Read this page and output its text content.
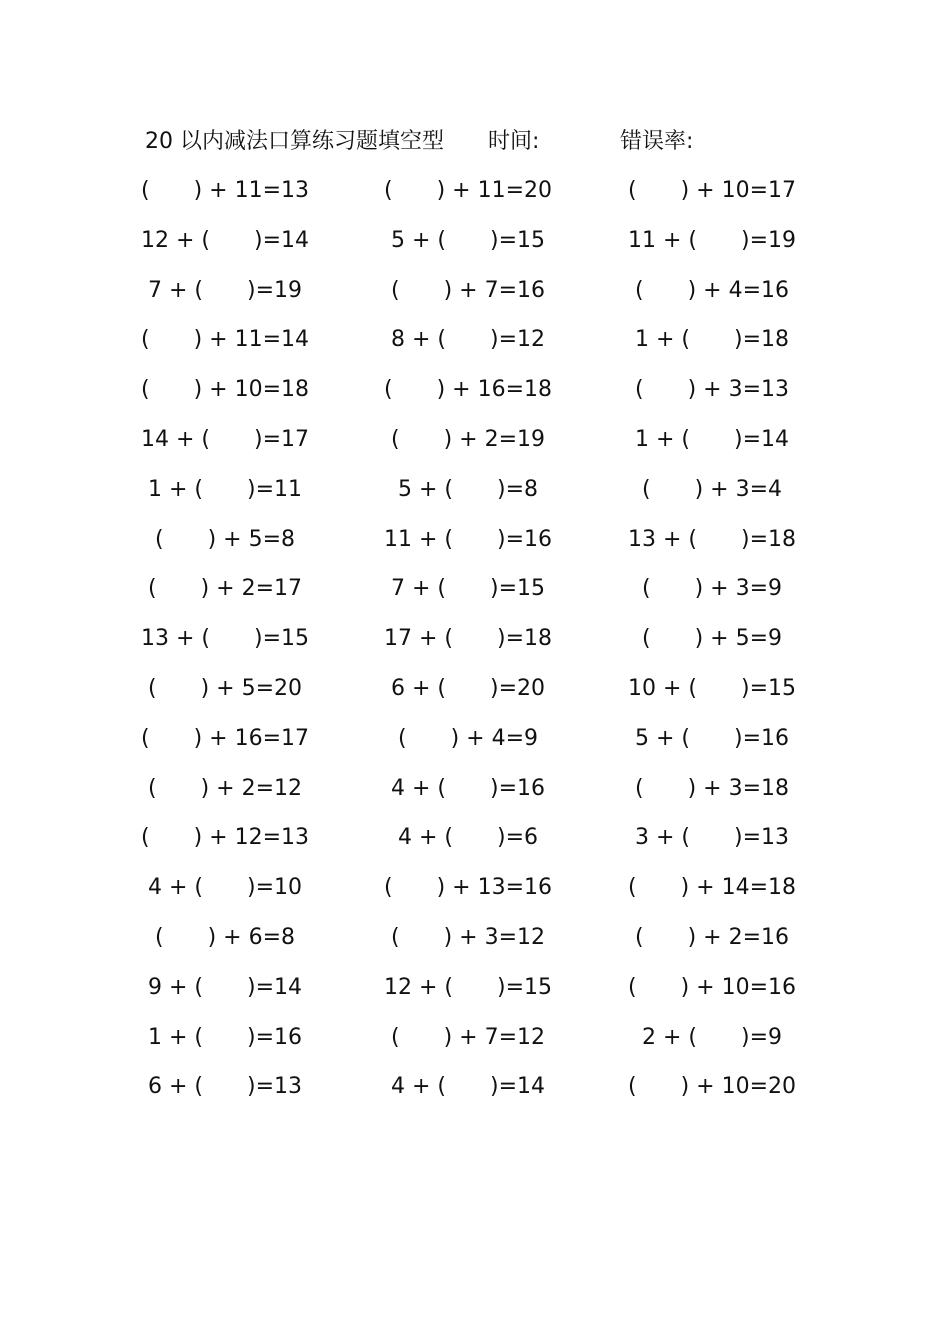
20 以内减法口算练习题填空型 时间:	错误率:
(  ) + 11=13	(  ) + 11=20	(  ) + 10=17
12 + (  )=14	5 + (  )=15	11 + (  )=19
7 + (  )=19	(  ) + 7=16	(  ) + 4=16
(  ) + 11=14	8 + (  )=12	1 + (  )=18
(  ) + 10=18	(  ) + 16=18	(  ) + 3=13
14 + (  )=17	(  ) + 2=19	1 + (  )=14
1 + (  )=11	5 + (  )=8	(  ) + 3=4
(  ) + 5=8	11 + (  )=16	13 + (  )=18
(  ) + 2=17	7 + (  )=15	(  ) + 3=9
13 + (  )=15	17 + (  )=18	(  ) + 5=9
(  ) + 5=20	6 + (  )=20	10 + (  )=15
(  ) + 16=17	(  ) + 4=9	5 + (  )=16
(  ) + 2=12	4 + (  )=16	(  ) + 3=18
(  ) + 12=13	4 + (  )=6	3 + (  )=13
4 + (  )=10	(  ) + 13=16	(  ) + 14=18
(  ) + 6=8	(  ) + 3=12	(  ) + 2=16
9 + (  )=14	12 + (  )=15	(  ) + 10=16
1 + (  )=16	(  ) + 7=12	2 + (  )=9
6 + (  )=13	4 + (  )=14	(  ) + 10=20
